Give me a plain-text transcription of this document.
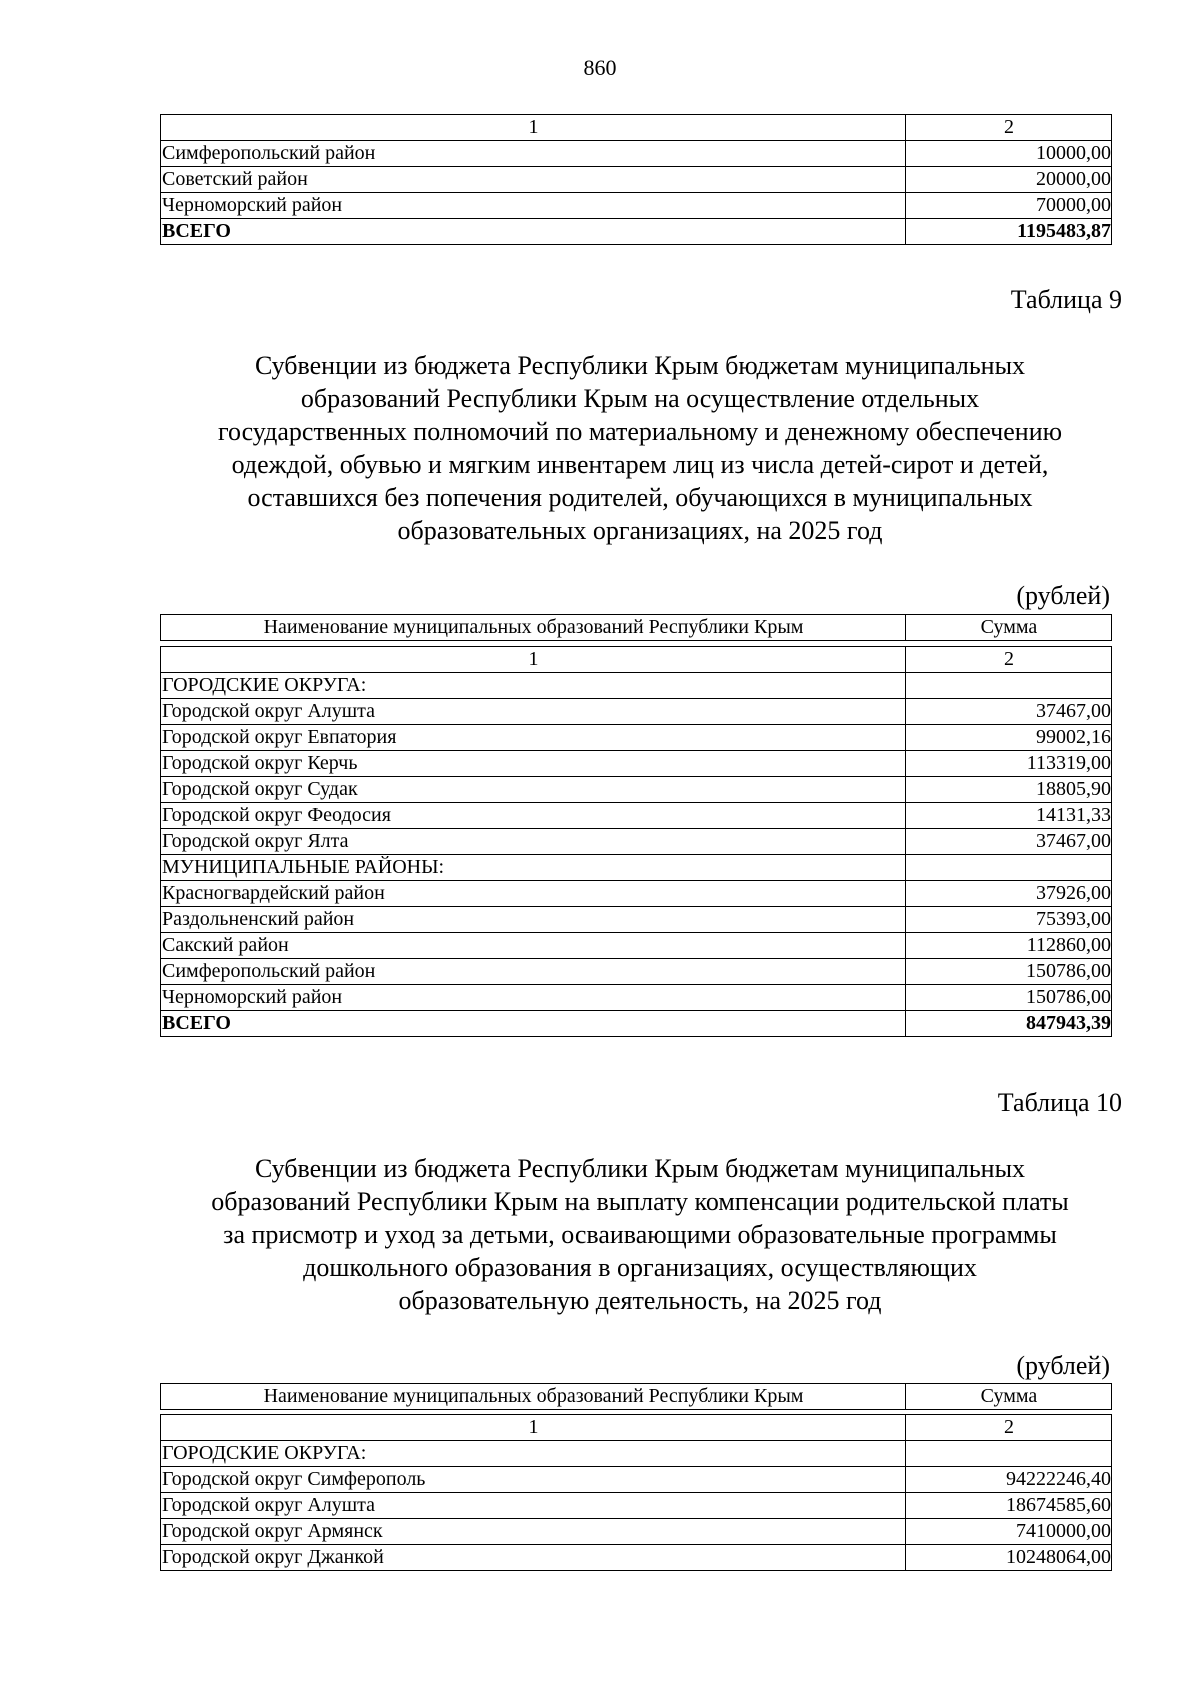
860
1	2
Симферопольский район	10000,00
Советский район	20000,00
Черноморский район	70000,00
ВСЕГО	1195483,87
Таблица 9
Субвенции из бюджета Республики Крым бюджетам муниципальных
образований Республики Крым на осуществление отдельных
государственных полномочий по материальному и денежному обеспечению
одеждой, обувью и мягким инвентарем лиц из числа детей-сирот и детей,
оставшихся без попечения родителей, обучающихся в муниципальных
образовательных организациях, на 2025 год
(рублей)
Наименование муниципальных образований Республики Крым	Сумма
1	2
ГОРОДСКИЕ ОКРУГА:	
Городской округ Алушта	37467,00
Городской округ Евпатория	99002,16
Городской округ Керчь	113319,00
Городской округ Судак	18805,90
Городской округ Феодосия	14131,33
Городской округ Ялта	37467,00
МУНИЦИПАЛЬНЫЕ РАЙОНЫ:	
Красногвардейский район	37926,00
Раздольненский район	75393,00
Сакский район	112860,00
Симферопольский район	150786,00
Черноморский район	150786,00
ВСЕГО	847943,39
Таблица 10
Субвенции из бюджета Республики Крым бюджетам муниципальных
образований Республики Крым на выплату компенсации родительской платы
за присмотр и уход за детьми, осваивающими образовательные программы
дошкольного образования в организациях, осуществляющих
образовательную деятельность, на 2025 год
(рублей)
Наименование муниципальных образований Республики Крым	Сумма
1	2
ГОРОДСКИЕ ОКРУГА:	
Городской округ Симферополь	94222246,40
Городской округ Алушта	18674585,60
Городской округ Армянск	7410000,00
Городской округ Джанкой	10248064,00
